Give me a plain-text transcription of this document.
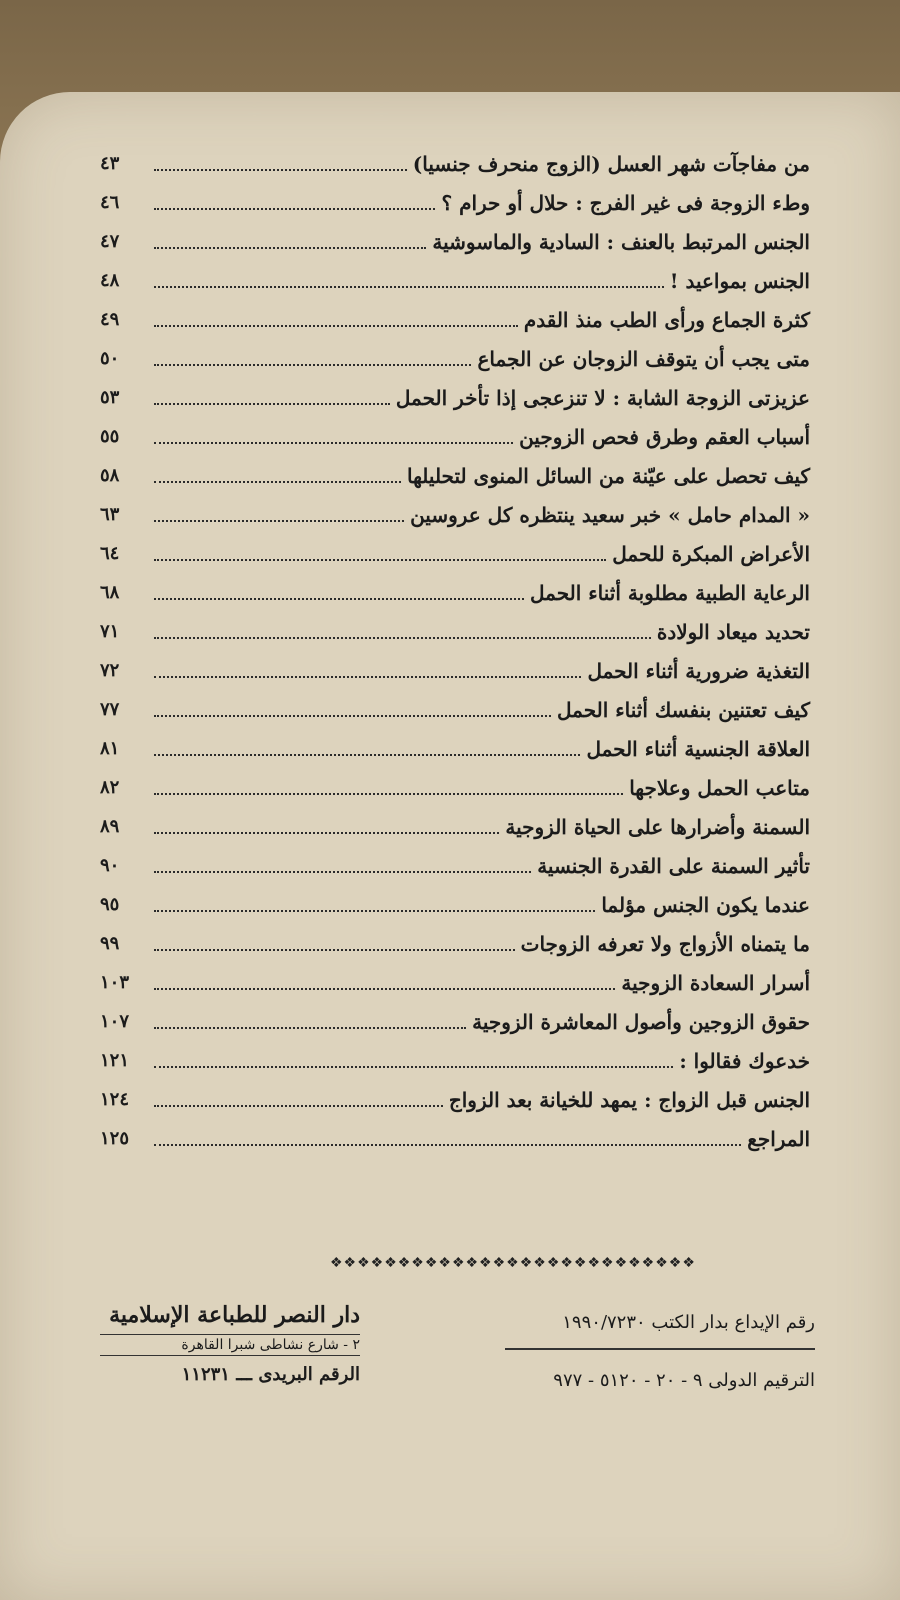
من مفاجآت شهر العسل (الزوج منحرف جنسيا)
٤٣
وطء الزوجة فى غير الفرج : حلال أو حرام ؟
٤٦
الجنس المرتبط بالعنف : السادية والماسوشية
٤٧
الجنس بمواعيد !
٤٨
كثرة الجماع ورأى الطب منذ القدم
٤٩
متى يجب أن يتوقف الزوجان عن الجماع
٥٠
عزيزتى الزوجة الشابة : لا تنزعجى إذا تأخر الحمل
٥٣
أسباب العقم وطرق فحص الزوجين
٥٥
كيف تحصل على عيّنة من السائل المنوى لتحليلها
٥٨
« المدام حامل » خبر سعيد ينتظره كل عروسين
٦٣
الأعراض المبكرة للحمل
٦٤
الرعاية الطبية مطلوبة أثناء الحمل
٦٨
تحديد ميعاد الولادة
٧١
التغذية ضرورية أثناء الحمل
٧٢
كيف تعتنين بنفسك أثناء الحمل
٧٧
العلاقة الجنسية أثناء الحمل
٨١
متاعب الحمل وعلاجها
٨٢
السمنة وأضرارها على الحياة الزوجية
٨٩
تأثير السمنة على القدرة الجنسية
٩٠
عندما يكون الجنس مؤلما
٩٥
ما يتمناه الأزواج ولا تعرفه الزوجات
٩٩
أسرار السعادة الزوجية
١٠٣
حقوق الزوجين وأصول المعاشرة الزوجية
١٠٧
خدعوك فقالوا :
١٢١
الجنس قبل الزواج : يمهد للخيانة بعد الزواج
١٢٤
المراجع
١٢٥
❖❖❖❖❖❖❖❖❖❖❖❖❖❖❖❖❖❖❖❖❖❖❖❖❖❖❖
دار النصر للطباعة الإسلامية
٢ - شارع نشاطى شبرا القاهرة
الرقم البريدى ـــ ١١٢٣١
رقم الإيداع بدار الكتب ١٩٩٠/٧٢٣٠
الترقيم الدولى ٩ - ٢٠ - ٥١٢٠ - ٩٧٧
